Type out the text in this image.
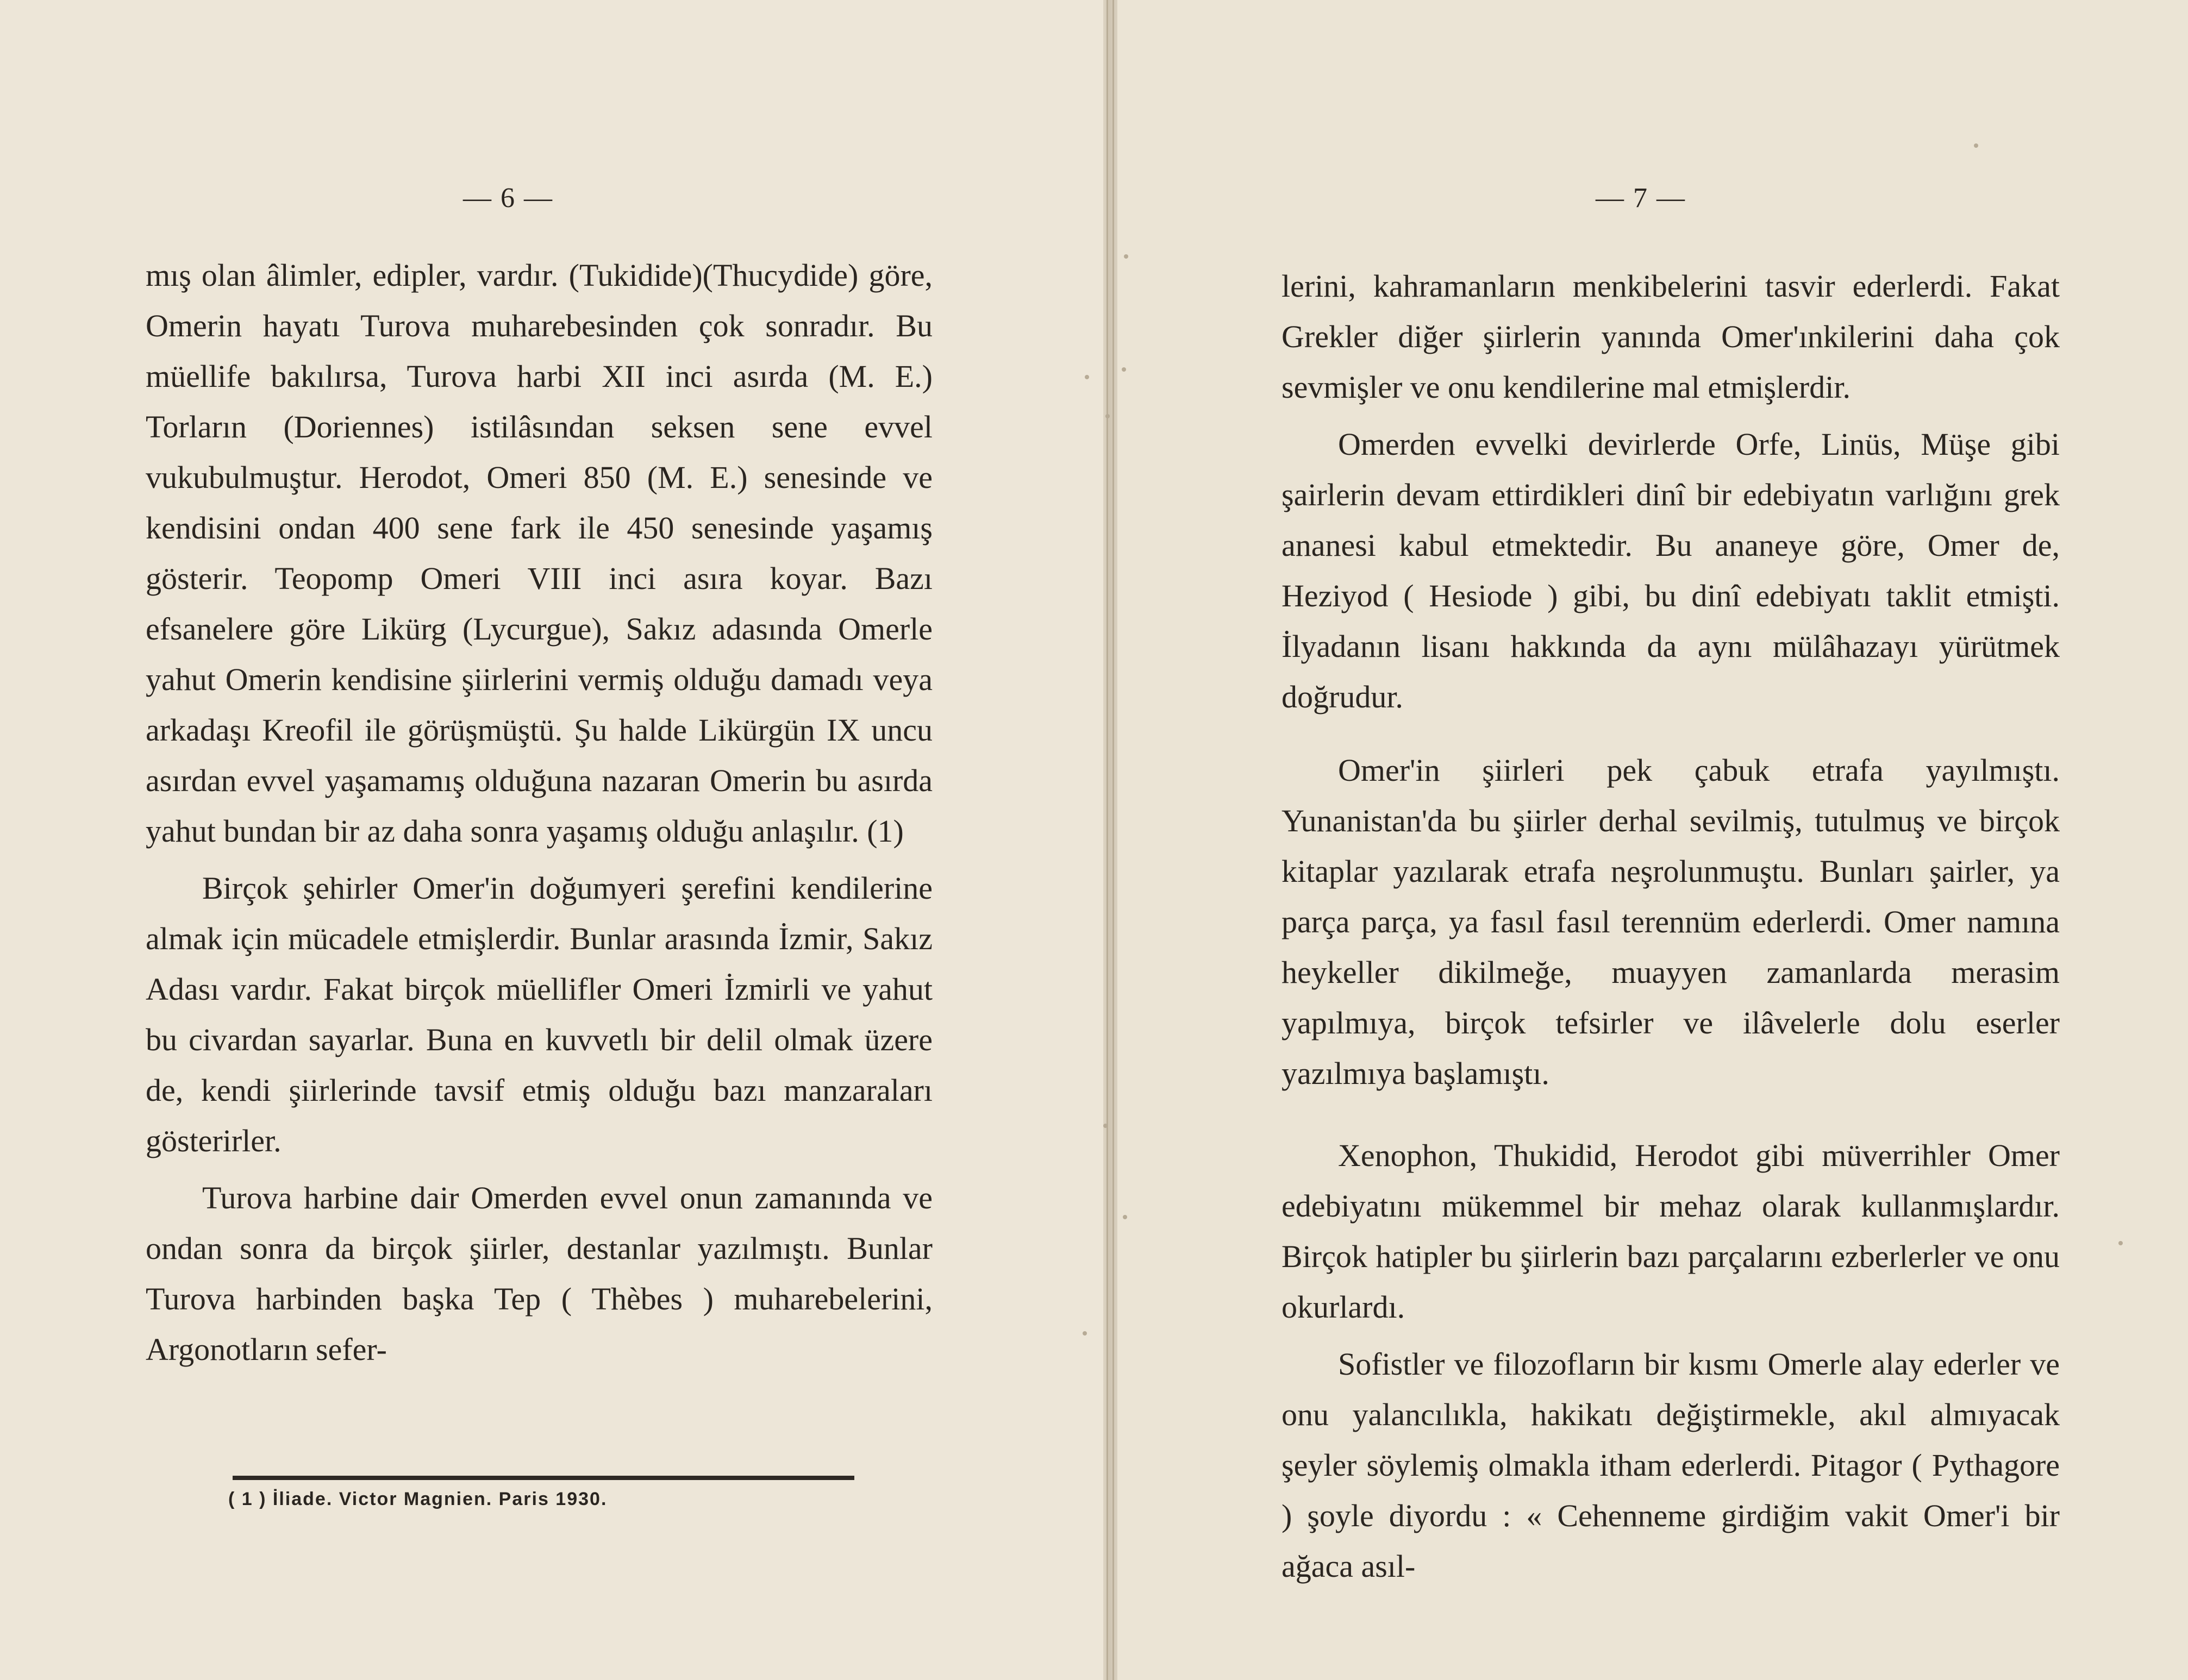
— 6 —

mış olan âlimler, edipler, vardır. (Tukidide)(Thucydide) göre, Omerin hayatı Turova muharebesinden çok sonradır. Bu müellife bakılırsa, Turova harbi XII inci asırda (M. E.) Torların (Doriennes) istilâsından seksen sene evvel vukubulmuştur. Herodot, Omeri 850 (M. E.) senesinde ve kendisini ondan 400 sene fark ile 450 senesinde yaşamış gösterir. Teopomp Omeri VIII inci asıra koyar. Bazı efsanelere göre Likürg (Lycurgue), Sakız adasında Omerle yahut Omerin kendisine şiirlerini vermiş olduğu damadı veya arkadaşı Kreofil ile görüşmüştü. Şu halde Likürgün IX uncu asırdan evvel yaşamamış olduğuna nazaran Omerin bu asırda yahut bundan bir az daha sonra yaşamış olduğu anlaşılır. (1)

Birçok şehirler Omer'in doğumyeri şerefini kendilerine almak için mücadele etmişlerdir. Bunlar arasında İzmir, Sakız Adası vardır. Fakat birçok müellifler Omeri İzmirli ve yahut bu civardan sayarlar. Buna en kuvvetlı bir delil olmak üzere de, kendi şiirlerinde tavsif etmiş olduğu bazı manzaraları gösterirler.

Turova harbine dair Omerden evvel onun zamanında ve ondan sonra da birçok şiirler, destanlar yazılmıştı. Bunlar Turova harbinden başka Tep ( Thèbes ) muharebelerini, Argonotların sefer-

( 1 ) İliade. Victor Magnien. Paris 1930.
— 7 —

lerini, kahramanların menkibelerini tasvir ederlerdi. Fakat Grekler diğer şiirlerin yanında Omer'ınkilerini daha çok sevmişler ve onu kendilerine mal etmişlerdir.

Omerden evvelki devirlerde Orfe, Linüs, Müşe gibi şairlerin devam ettirdikleri dinî bir edebiyatın varlığını grek ananesi kabul etmektedir. Bu ananeye göre, Omer de, Heziyod ( Hesiode ) gibi, bu dinî edebiyatı taklit etmişti. İlyadanın lisanı hakkında da aynı mülâhazayı yürütmek doğrudur.

Omer'in şiirleri pek çabuk etrafa yayılmıştı. Yunanistan'da bu şiirler derhal sevilmiş, tutulmuş ve birçok kitaplar yazılarak etrafa neşrolunmuştu. Bunları şairler, ya parça parça, ya fasıl fasıl terennüm ederlerdi. Omer namına heykeller dikilmeğe, muayyen zamanlarda merasim yapılmıya, birçok tefsirler ve ilâvelerle dolu eserler yazılmıya başlamıştı.

Xenophon, Thukidid, Herodot gibi müverrihler Omer edebiyatını mükemmel bir mehaz olarak kullanmışlardır. Birçok hatipler bu şiirlerin bazı parçalarını ezberlerler ve onu okurlardı.

Sofistler ve filozofların bir kısmı Omerle alay ederler ve onu yalancılıkla, hakikatı değiştirmekle, akıl almıyacak şeyler söylemiş olmakla itham ederlerdi. Pitagor ( Pythagore ) şoyle diyordu : « Cehenneme girdiğim vakit Omer'i bir ağaca asıl-
